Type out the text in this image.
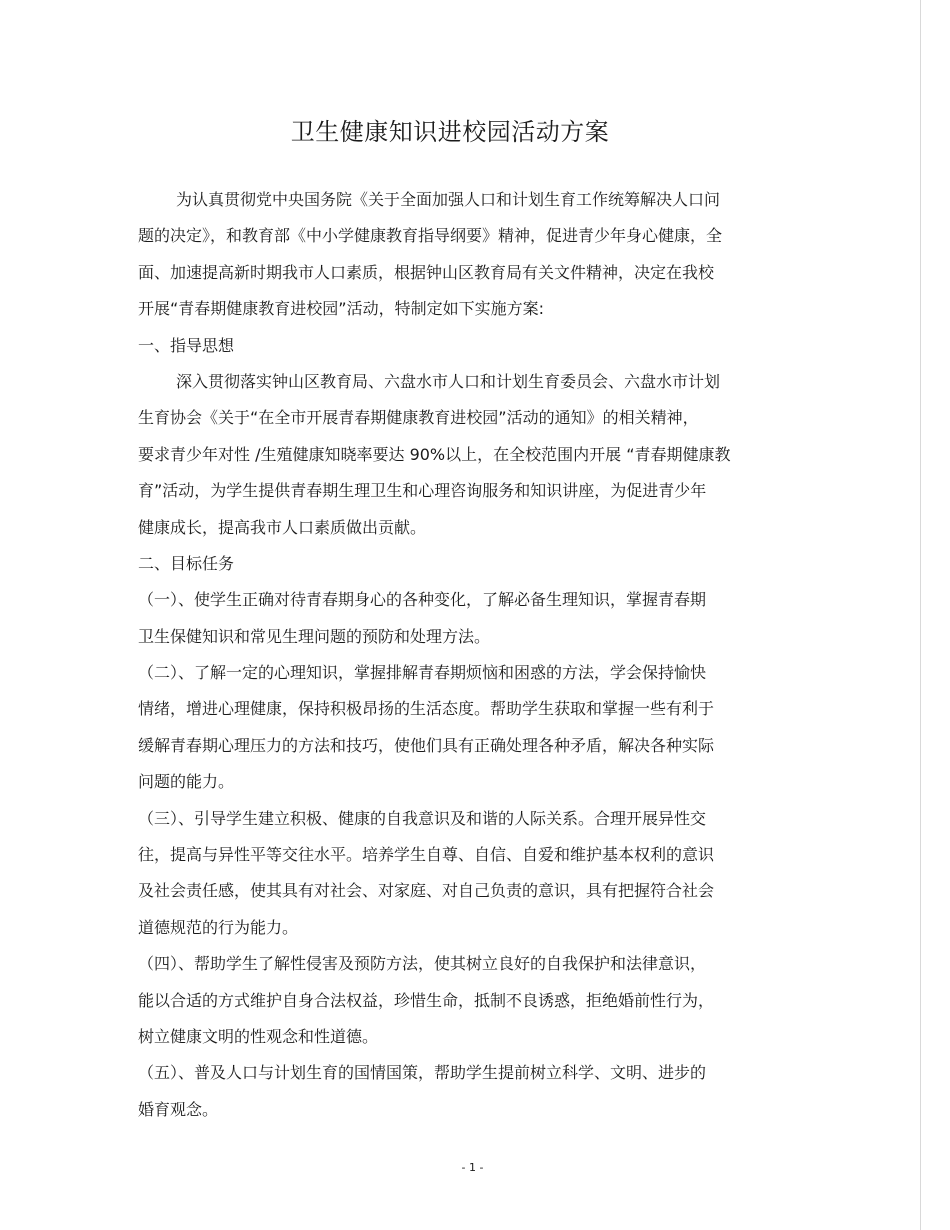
卫生健康知识进校园活动方案
为认真贯彻党中央国务院《关于全面加强人口和计划生育工作统筹解决人口问
题的决定》，和教育部《中小学健康教育指导纲要》精神，促进青少年身心健康，全
面、加速提高新时期我市人口素质，根据钟山区教育局有关文件精神，决定在我校
开展“青春期健康教育进校园”活动，特制定如下实施方案:
一、指导思想
深入贯彻落实钟山区教育局、六盘水市人口和计划生育委员会、六盘水市计划
生育协会《关于“在全市开展青春期健康教育进校园”活动的通知》的相关精神，
要求青少年对性 /生殖健康知晓率要达 90%以上，在全校范围内开展 “青春期健康教
育”活动，为学生提供青春期生理卫生和心理咨询服务和知识讲座，为促进青少年
健康成长，提高我市人口素质做出贡献。
二、目标任务
（一）、使学生正确对待青春期身心的各种变化，了解必备生理知识，掌握青春期
卫生保健知识和常见生理问题的预防和处理方法。
（二）、了解一定的心理知识，掌握排解青春期烦恼和困惑的方法，学会保持愉快
情绪，增进心理健康，保持积极昂扬的生活态度。帮助学生获取和掌握一些有利于
缓解青春期心理压力的方法和技巧，使他们具有正确处理各种矛盾，解决各种实际
问题的能力。
（三）、引导学生建立积极、健康的自我意识及和谐的人际关系。合理开展异性交
往，提高与异性平等交往水平。培养学生自尊、自信、自爱和维护基本权利的意识
及社会责任感，使其具有对社会、对家庭、对自己负责的意识，具有把握符合社会
道德规范的行为能力。
（四）、帮助学生了解性侵害及预防方法，使其树立良好的自我保护和法律意识，
能以合适的方式维护自身合法权益，珍惜生命，抵制不良诱惑，拒绝婚前性行为，
树立健康文明的性观念和性道德。
（五）、普及人口与计划生育的国情国策，帮助学生提前树立科学、文明、进步的
婚育观念。
- 1 -
